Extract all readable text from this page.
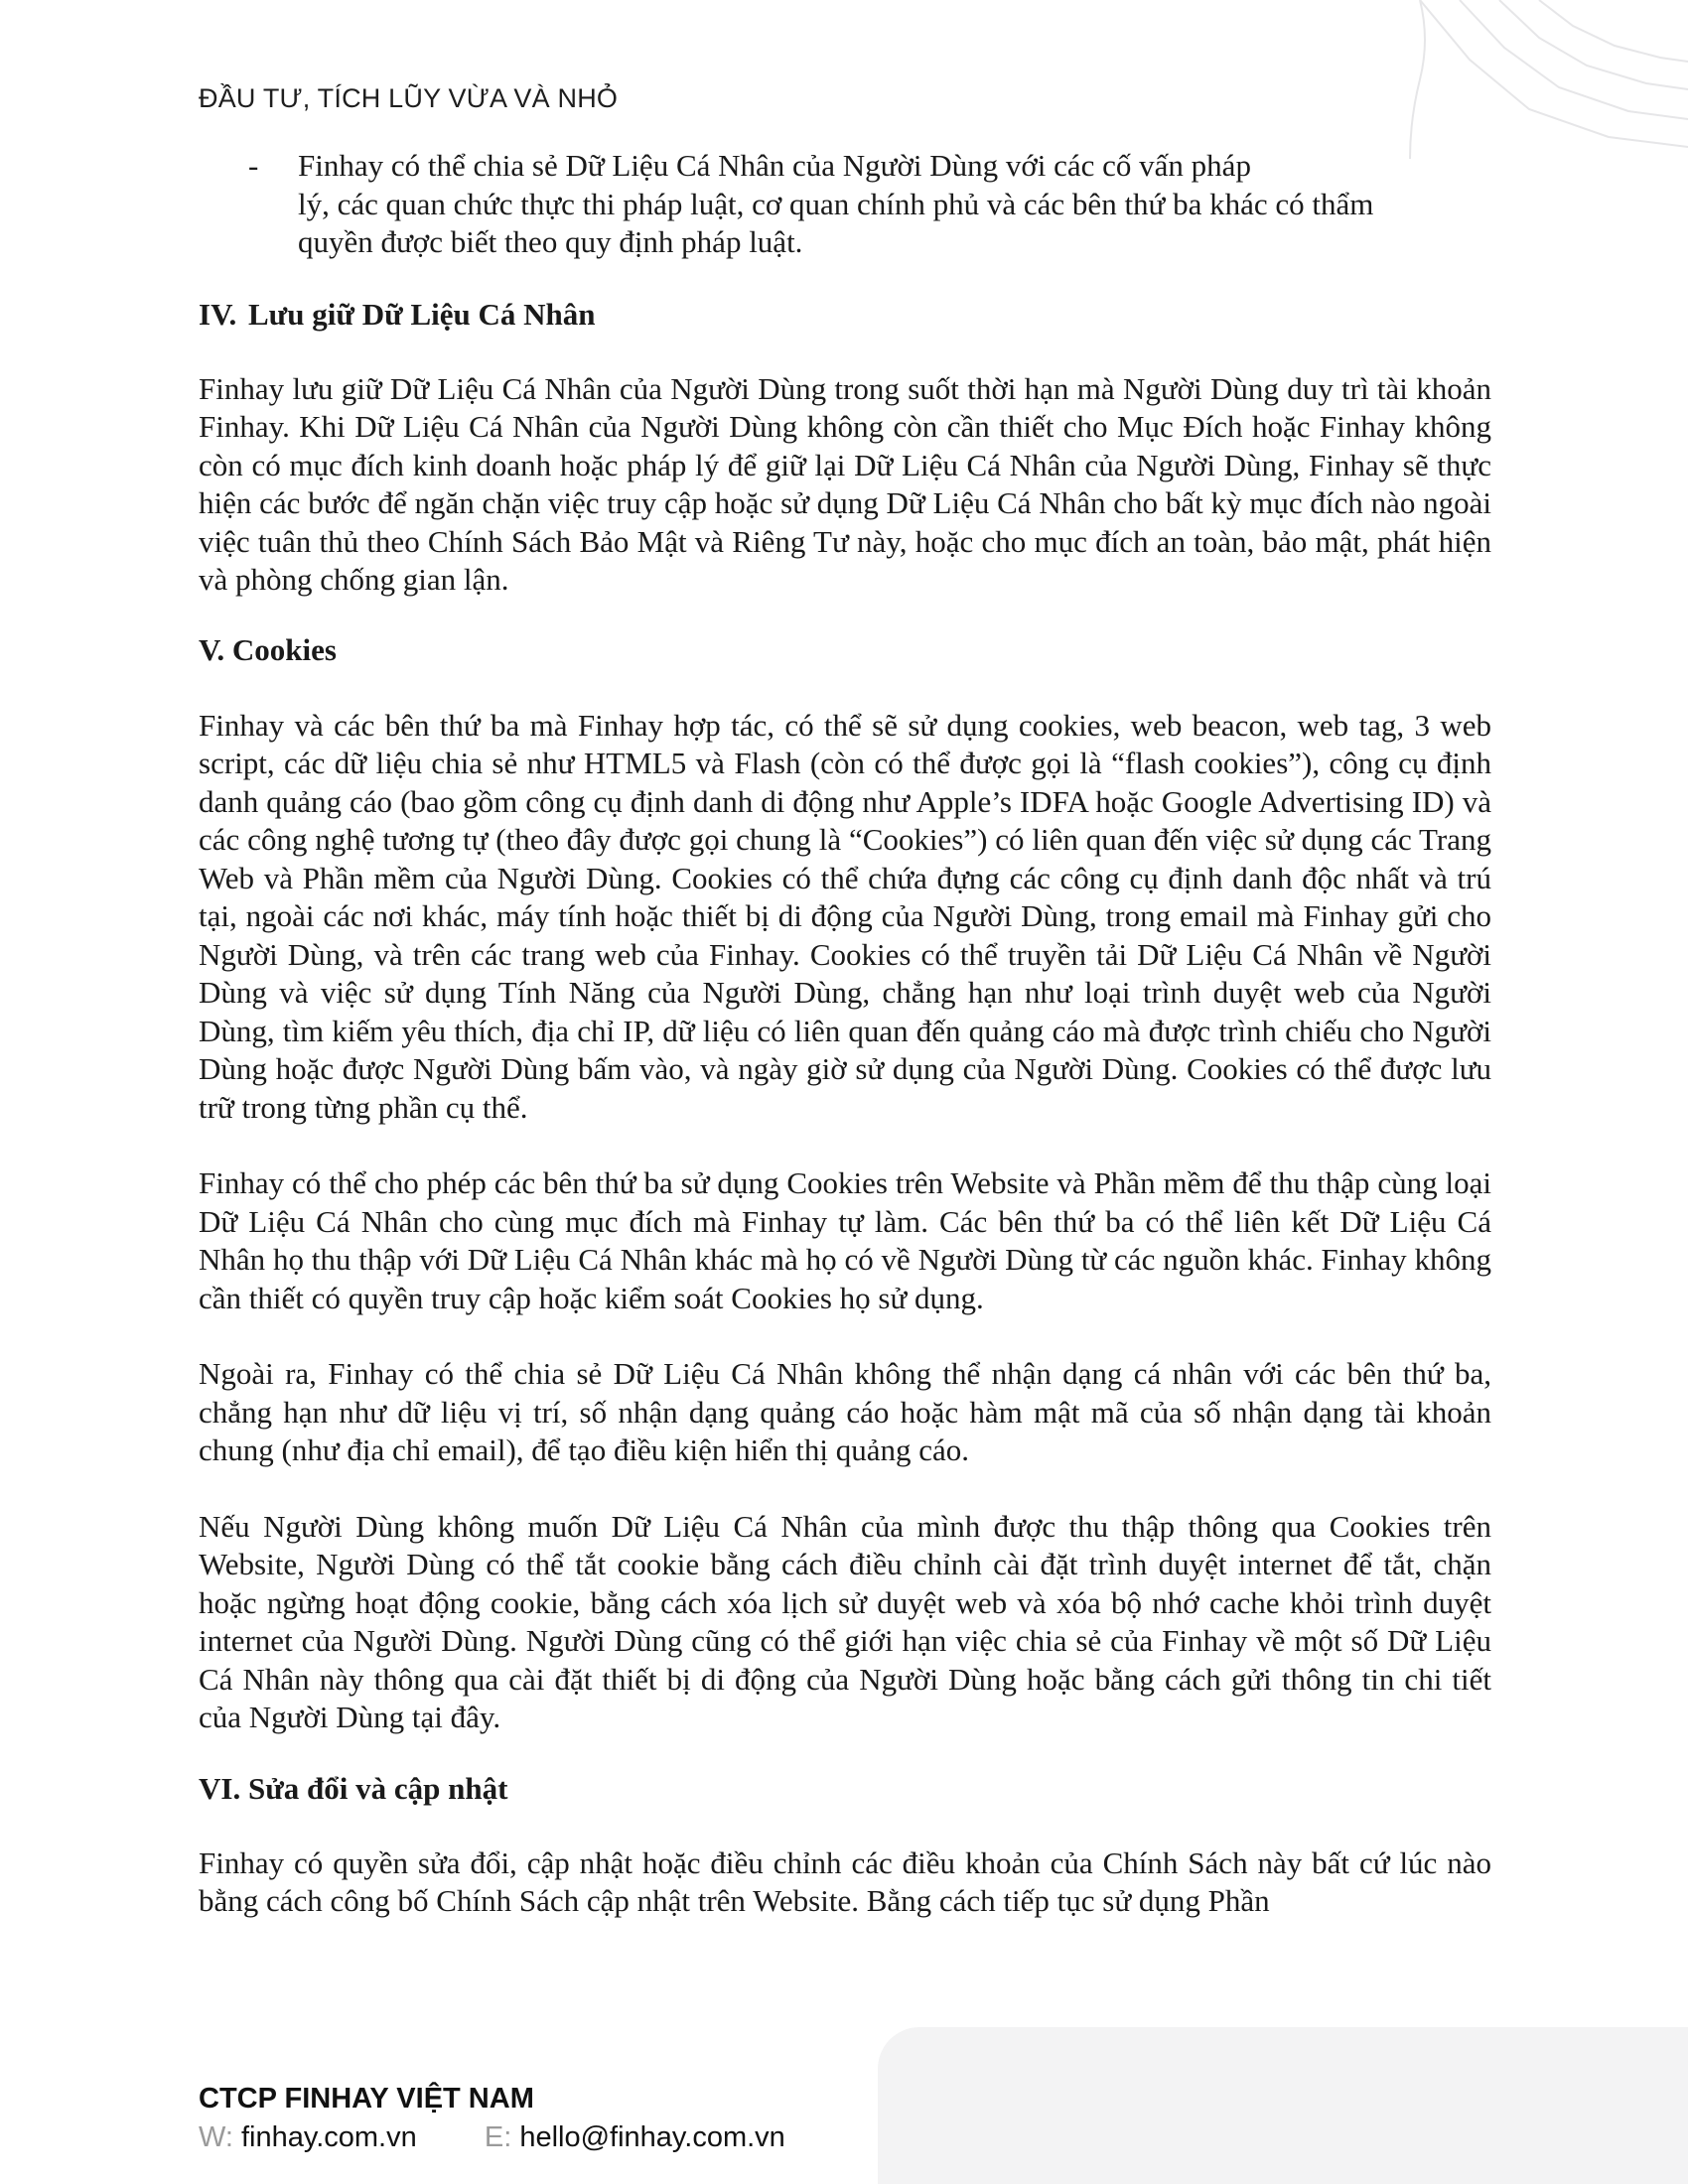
ĐẦU TƯ, TÍCH LŨY VỪA VÀ NHỎ
-	Finhay có thể chia sẻ Dữ Liệu Cá Nhân của Người Dùng với các cố vấn pháp
lý, các quan chức thực thi pháp luật, cơ quan chính phủ và các bên thứ ba khác có thẩm
quyền được biết theo quy định pháp luật.
IV. Lưu giữ Dữ Liệu Cá Nhân

Finhay lưu giữ Dữ Liệu Cá Nhân của Người Dùng trong suốt thời hạn mà Người Dùng duy trì tài khoản Finhay. Khi Dữ Liệu Cá Nhân của Người Dùng không còn cần thiết cho Mục Đích hoặc Finhay không còn có mục đích kinh doanh hoặc pháp lý để giữ lại Dữ Liệu Cá Nhân của Người Dùng, Finhay sẽ thực hiện các bước để ngăn chặn việc truy cập hoặc sử dụng Dữ Liệu Cá Nhân cho bất kỳ mục đích nào ngoài việc tuân thủ theo Chính Sách Bảo Mật và Riêng Tư này, hoặc cho mục đích an toàn, bảo mật, phát hiện và phòng chống gian lận.

V. Cookies

Finhay và các bên thứ ba mà Finhay hợp tác, có thể sẽ sử dụng cookies, web beacon, web tag, 3 web script, các dữ liệu chia sẻ như HTML5 và Flash (còn có thể được gọi là “flash cookies”), công cụ định danh quảng cáo (bao gồm công cụ định danh di động như Apple’s IDFA hoặc Google Advertising ID) và các công nghệ tương tự (theo đây được gọi chung là “Cookies”) có liên quan đến việc sử dụng các Trang Web và Phần mềm của Người Dùng. Cookies có thể chứa đựng các công cụ định danh độc nhất và trú tại, ngoài các nơi khác, máy tính hoặc thiết bị di động của Người Dùng, trong email mà Finhay gửi cho Người Dùng, và trên các trang web của Finhay. Cookies có thể truyền tải Dữ Liệu Cá Nhân về Người Dùng và việc sử dụng Tính Năng của Người Dùng, chẳng hạn như loại trình duyệt web của Người Dùng, tìm kiếm yêu thích, địa chỉ IP, dữ liệu có liên quan đến quảng cáo mà được trình chiếu cho Người Dùng hoặc được Người Dùng bấm vào, và ngày giờ sử dụng của Người Dùng. Cookies có thể được lưu trữ trong từng phần cụ thể.

Finhay có thể cho phép các bên thứ ba sử dụng Cookies trên Website và Phần mềm để thu thập cùng loại Dữ Liệu Cá Nhân cho cùng mục đích mà Finhay tự làm. Các bên thứ ba có thể liên kết Dữ Liệu Cá Nhân họ thu thập với Dữ Liệu Cá Nhân khác mà họ có về Người Dùng từ các nguồn khác. Finhay không cần thiết có quyền truy cập hoặc kiểm soát Cookies họ sử dụng.

Ngoài ra, Finhay có thể chia sẻ Dữ Liệu Cá Nhân không thể nhận dạng cá nhân với các bên thứ ba, chẳng hạn như dữ liệu vị trí, số nhận dạng quảng cáo hoặc hàm mật mã của số nhận dạng tài khoản chung (như địa chỉ email), để tạo điều kiện hiển thị quảng cáo.

Nếu Người Dùng không muốn Dữ Liệu Cá Nhân của mình được thu thập thông qua Cookies trên Website, Người Dùng có thể tắt cookie bằng cách điều chỉnh cài đặt trình duyệt internet để tắt, chặn hoặc ngừng hoạt động cookie, bằng cách xóa lịch sử duyệt web và xóa bộ nhớ cache khỏi trình duyệt internet của Người Dùng. Người Dùng cũng có thể giới hạn việc chia sẻ của Finhay về một số Dữ Liệu Cá Nhân này thông qua cài đặt thiết bị di động của Người Dùng hoặc bằng cách gửi thông tin chi tiết của Người Dùng tại đây.

VI. Sửa đổi và cập nhật

Finhay có quyền sửa đổi, cập nhật hoặc điều chỉnh các điều khoản của Chính Sách này bất cứ lúc nào bằng cách công bố Chính Sách cập nhật trên Website. Bằng cách tiếp tục sử dụng Phần

CTCP FINHAY VIỆT NAM
W: finhay.com.vn E: hello@finhay.com.vn
